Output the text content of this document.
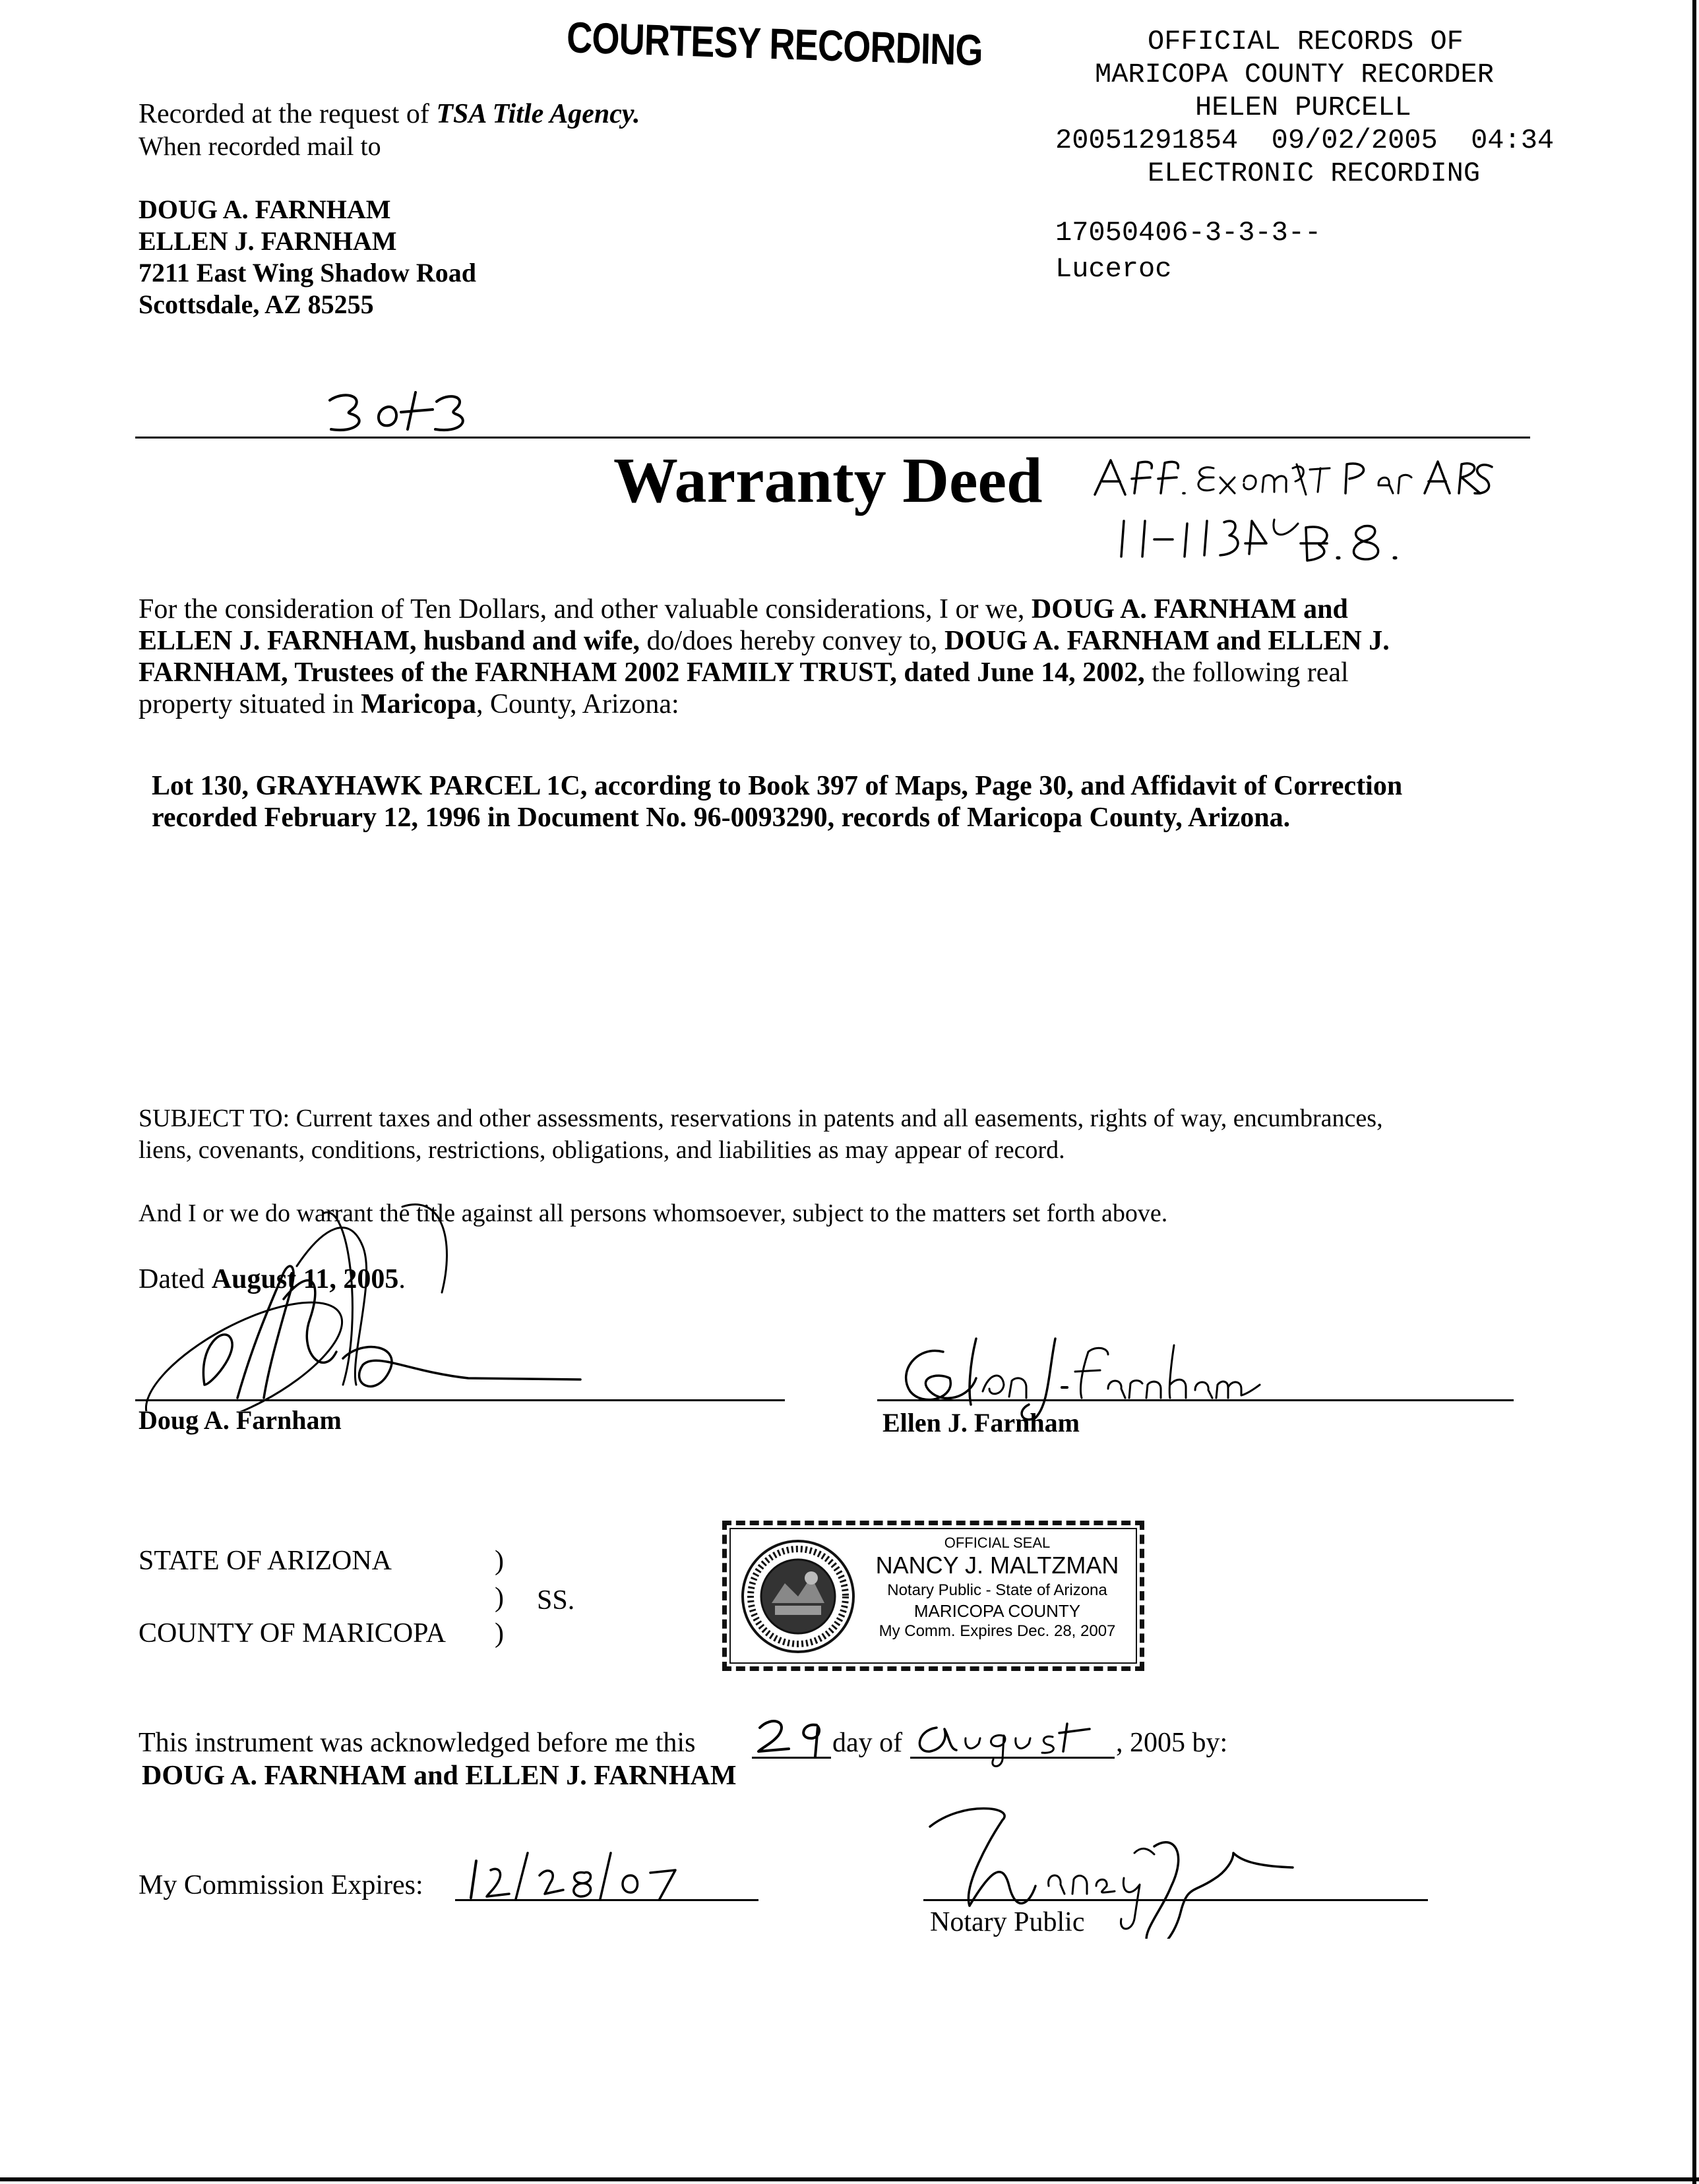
COURTESY RECORDING	OFFICIAL RECORDS OF
MARICOPA COUNTY RECORDER
HELEN PURCELL
20051291854  09/02/2005  04:34
ELECTRONIC RECORDING
17050406-3-3-3--
Luceroc
Recorded at the request of TSA Title Agency.
When recorded mail to
DOUG A. FARNHAM
ELLEN J. FARNHAM
7211 East Wing Shadow Road
Scottsdale, AZ 85255
Warranty Deed
For the consideration of Ten Dollars, and other valuable considerations, I or we, DOUG A. FARNHAM and
ELLEN J. FARNHAM, husband and wife, do/does hereby convey to, DOUG A. FARNHAM and ELLEN J.
FARNHAM, Trustees of the FARNHAM 2002 FAMILY TRUST, dated June 14, 2002, the following real
property situated in Maricopa, County, Arizona:
Lot 130, GRAYHAWK PARCEL 1C, according to Book 397 of Maps, Page 30, and Affidavit of Correction
recorded February 12, 1996 in Document No. 96-0093290, records of Maricopa County, Arizona.
SUBJECT TO: Current taxes and other assessments, reservations in patents and all easements, rights of way, encumbrances,
liens, covenants, conditions, restrictions, obligations, and liabilities as may appear of record.
And I or we do warrant the title against all persons whomsoever, subject to the matters set forth above.
Dated August 11, 2005.
Doug A. Farnham	Ellen J. Farnham
STATE OF ARIZONA
COUNTY OF MARICOPA
)
)
)
SS.
OFFICIAL SEAL
NANCY J. MALTZMAN
Notary Public - State of Arizona
MARICOPA COUNTY
My Comm. Expires Dec. 28, 2007
This instrument was acknowledged before me this	day of	, 2005 by:
DOUG A. FARNHAM and ELLEN J. FARNHAM
My Commission Expires:
Notary Public
